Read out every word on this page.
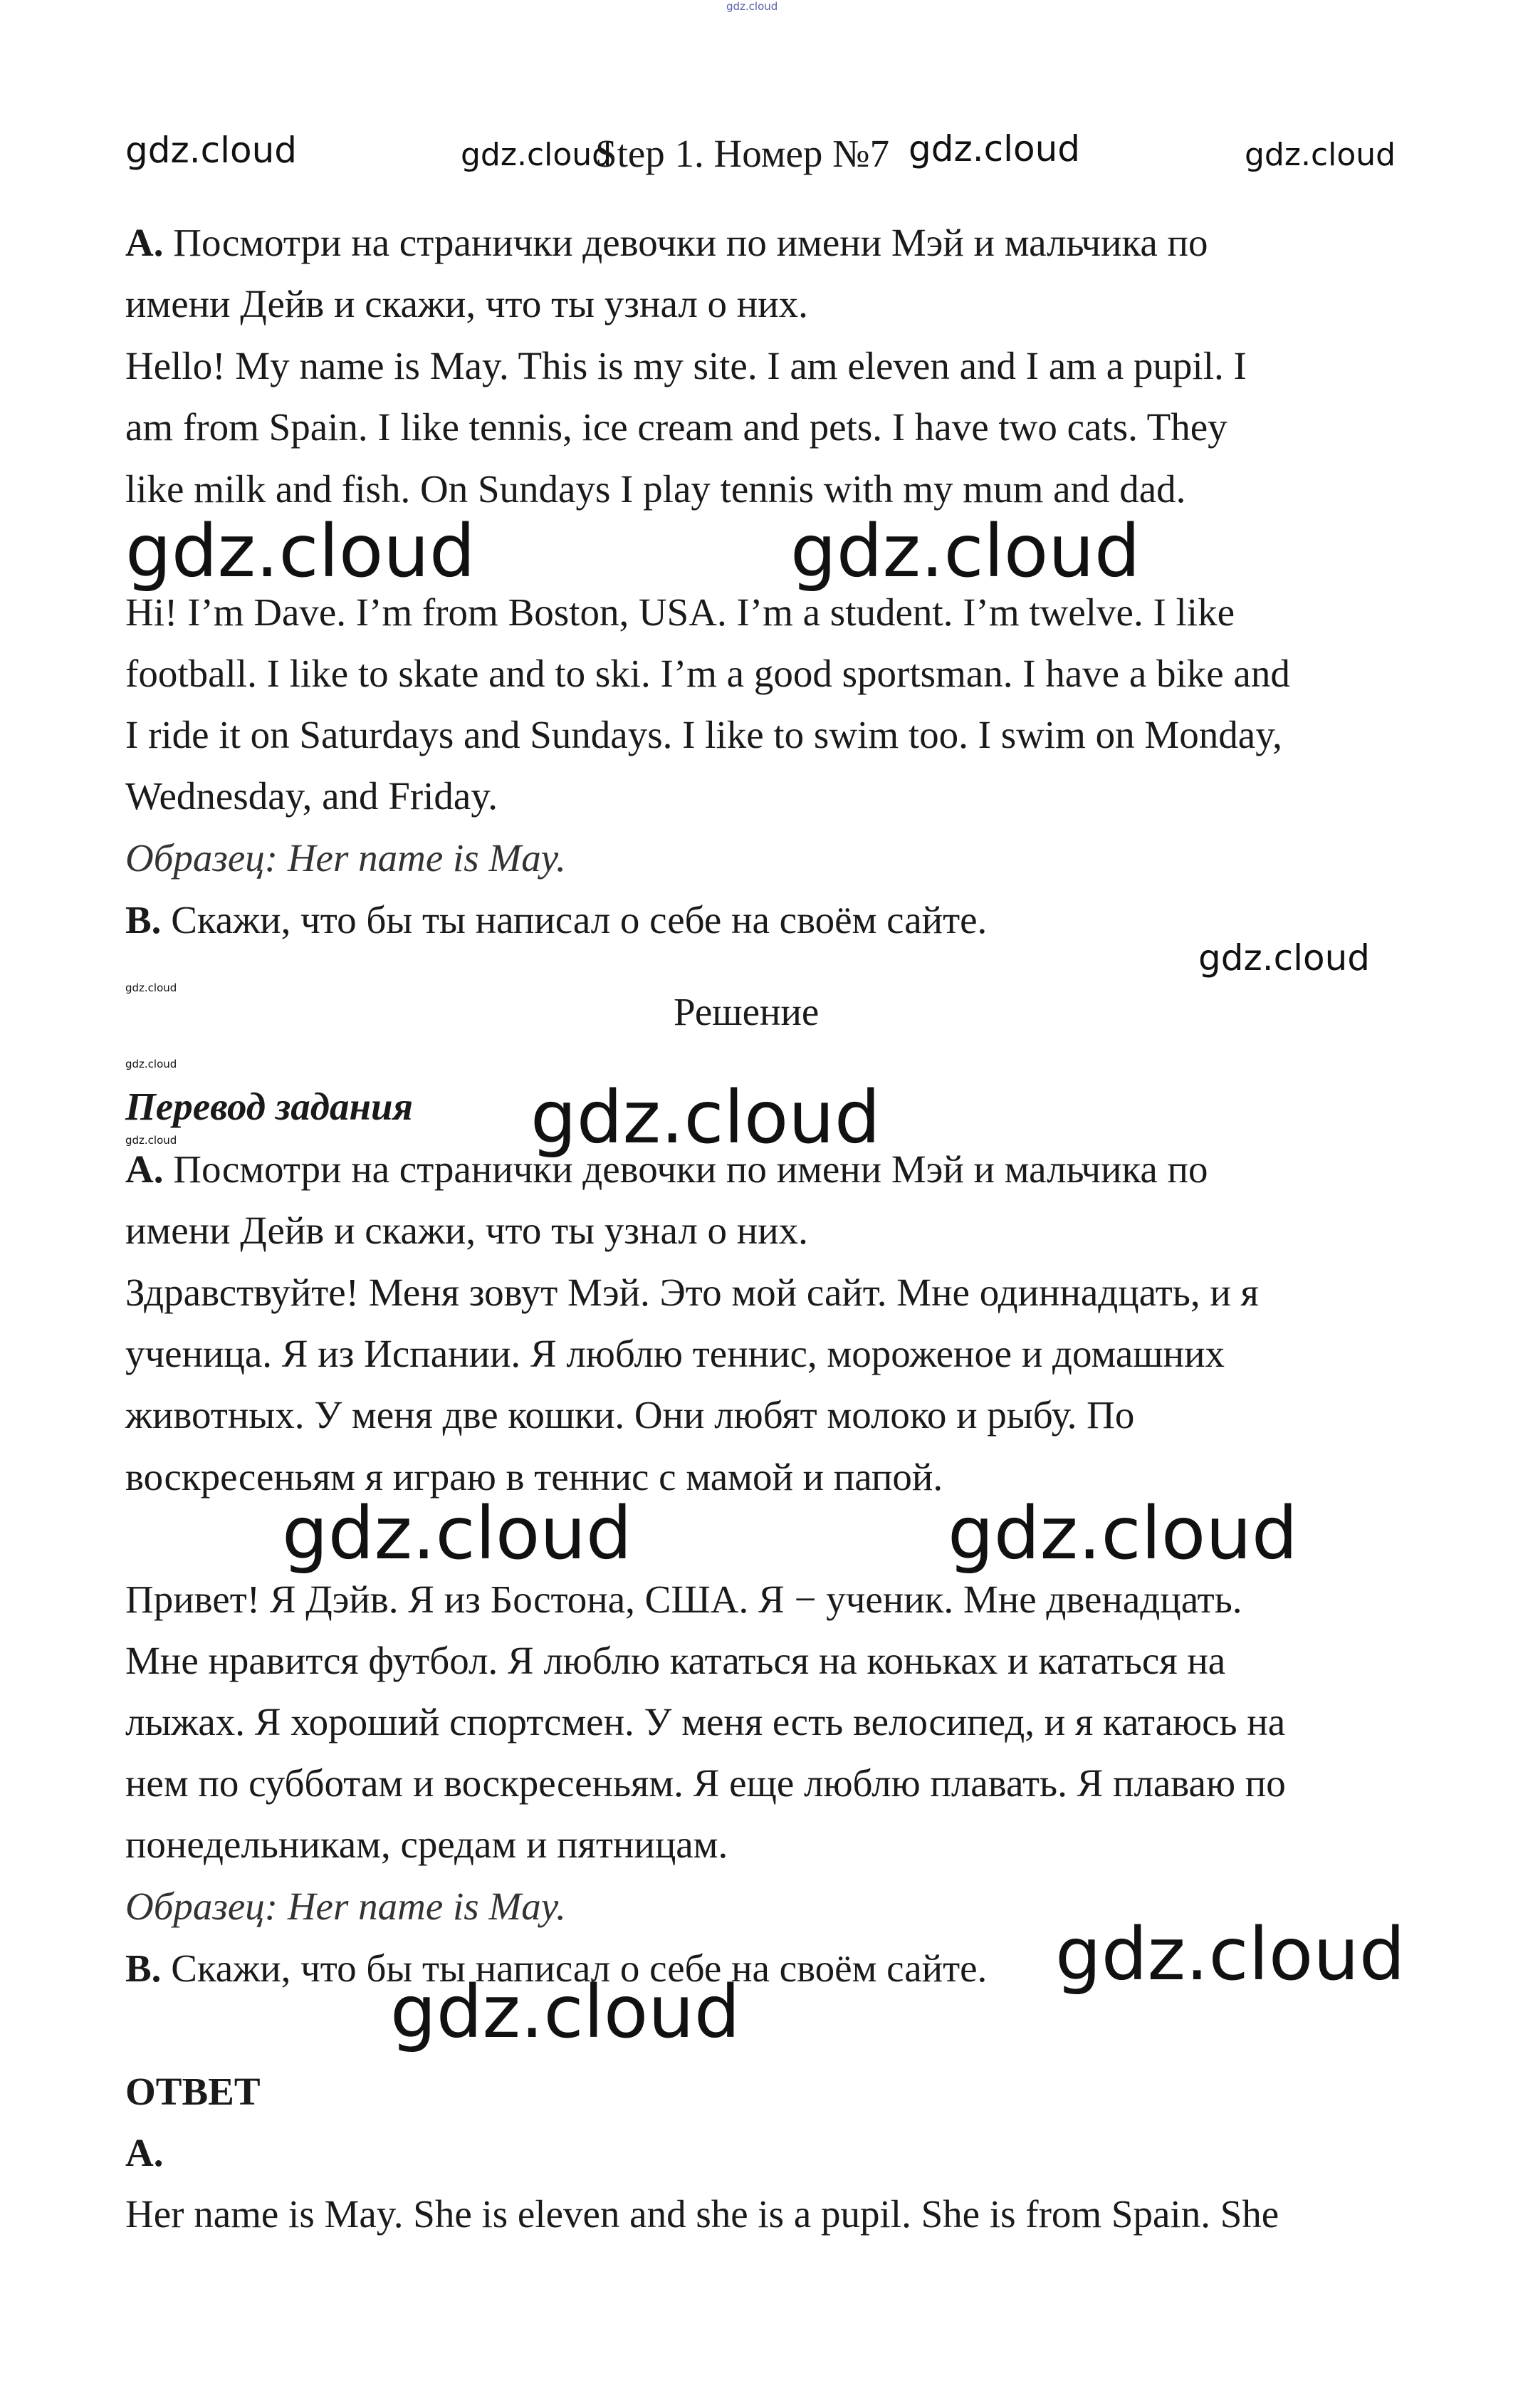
gdz.cloud
gdz.cloud	gdz.cloud
Step 1. Номер №7 gdz.cloud	gdz.cloud
А. Посмотри на странички девочки по имени Мэй и мальчика по
имени Дейв и скажи, что ты узнал о них.
Hello! My name is May. This is my site. I am eleven and I am a pupil. I
am from Spain. I like tennis, ice cream and pets. I have two cats. They
like milk and fish. On Sundays I play tennis with my mum and dad.
gdz.cloud	gdz.cloud
Hi! I’m Dave. I’m from Boston, USA. I’m a student. I’m twelve. I like
football. I like to skate and to ski. I’m a good sportsman. I have a bike and
I ride it on Saturdays and Sundays. I like to swim too. I swim on Monday,
Wednesday, and Friday.
Образец: Her name is May.
В. Скажи, что бы ты написал о себе на своём сайте.
gdz.cloud
gdz.cloud
Решение
gdz.cloud
Перевод задания gdz.cloud
gdz.cloud
А. Посмотри на странички девочки по имени Мэй и мальчика по
имени Дейв и скажи, что ты узнал о них.
Здравствуйте! Меня зовут Мэй. Это мой сайт. Мне одиннадцать, и я
ученица. Я из Испании. Я люблю теннис, мороженое и домашних
животных. У меня две кошки. Они любят молоко и рыбу. По
воскресеньям я играю в теннис с мамой и папой.
gdz.cloud	gdz.cloud
Привет! Я Дэйв. Я из Бостона, США. Я − ученик. Мне двенадцать.
Мне нравится футбол. Я люблю кататься на коньках и кататься на
лыжах. Я хороший спортсмен. У меня есть велосипед, и я катаюсь на
нем по субботам и воскресеньям. Я еще люблю плавать. Я плаваю по
понедельникам, средам и пятницам.
Образец: Her name is May.
В. Скажи, что бы ты написал о себе на своём сайте. gdz.cloud
gdz.cloud
ОТВЕТ
А.
Her name is May. She is eleven and she is a pupil. She is from Spain. She
